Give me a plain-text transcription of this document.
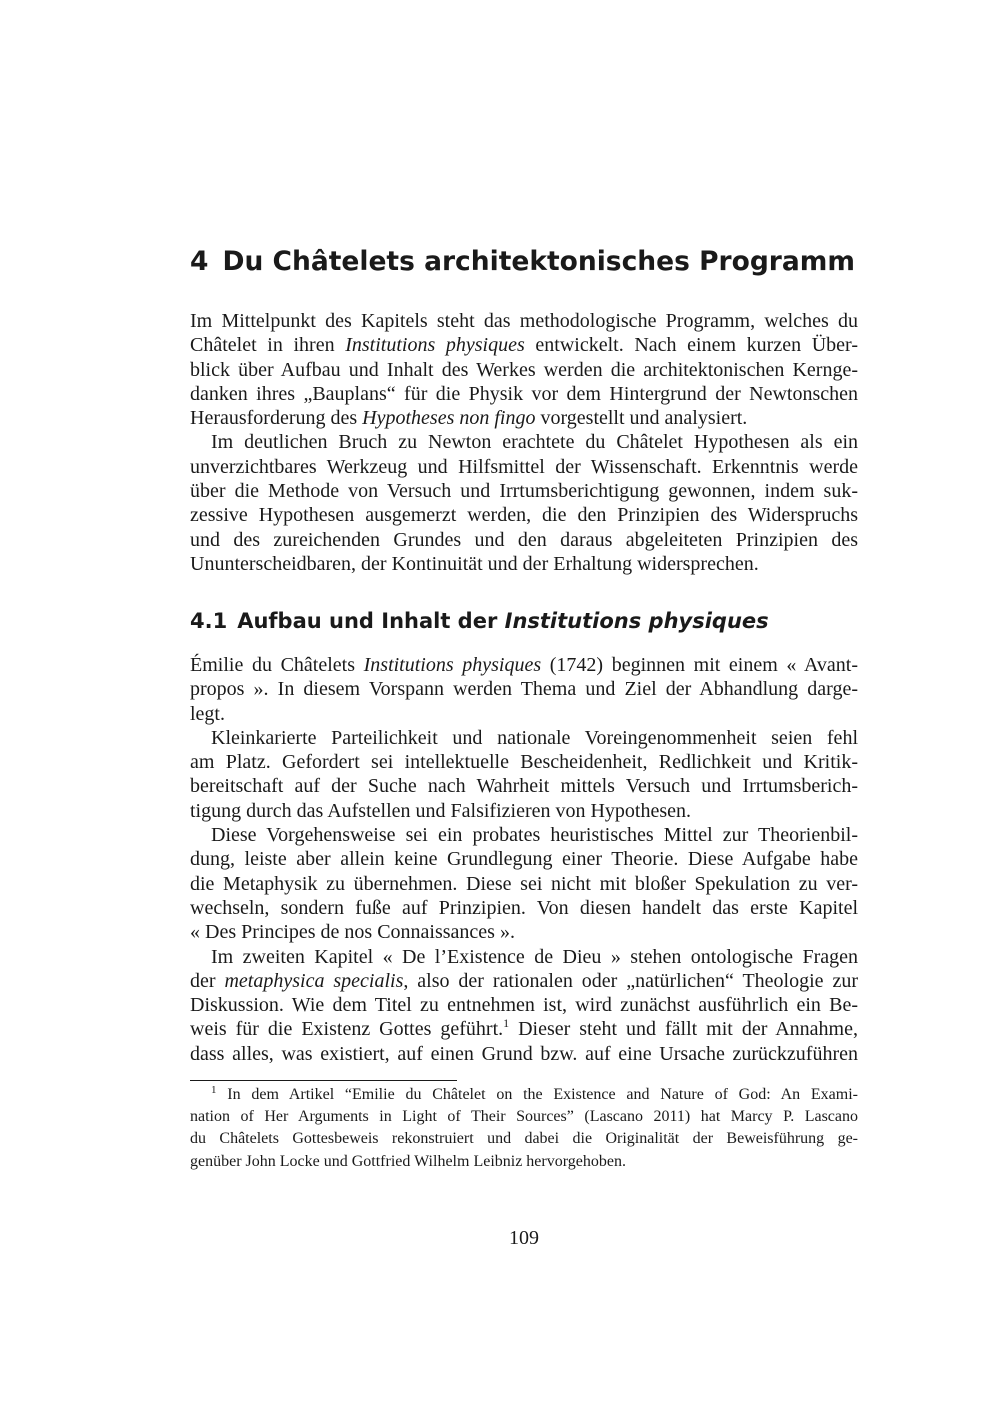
4 Du Châtelets architektonisches Programm
Im Mittelpunkt des Kapitels steht das methodologische Programm, welches du
Châtelet in ihren Institutions physiques entwickelt. Nach einem kurzen Über-
blick über Aufbau und Inhalt des Werkes werden die architektonischen Kernge-
danken ihres „Bauplans“ für die Physik vor dem Hintergrund der Newtonschen
Herausforderung des Hypotheses non fingo vorgestellt und analysiert.
Im deutlichen Bruch zu Newton erachtete du Châtelet Hypothesen als ein
unverzichtbares Werkzeug und Hilfsmittel der Wissenschaft. Erkenntnis werde
über die Methode von Versuch und Irrtumsberichtigung gewonnen, indem suk-
zessive Hypothesen ausgemerzt werden, die den Prinzipien des Widerspruchs
und des zureichenden Grundes und den daraus abgeleiteten Prinzipien des
Ununterscheidbaren, der Kontinuität und der Erhaltung widersprechen.
4.1 Aufbau und Inhalt der Institutions physiques
Émilie du Châtelets Institutions physiques (1742) beginnen mit einem « Avant-
propos ». In diesem Vorspann werden Thema und Ziel der Abhandlung darge-
legt.
Kleinkarierte Parteilichkeit und nationale Voreingenommenheit seien fehl
am Platz. Gefordert sei intellektuelle Bescheidenheit, Redlichkeit und Kritik-
bereitschaft auf der Suche nach Wahrheit mittels Versuch und Irrtumsberich-
tigung durch das Aufstellen und Falsifizieren von Hypothesen.
Diese Vorgehensweise sei ein probates heuristisches Mittel zur Theorienbil-
dung, leiste aber allein keine Grundlegung einer Theorie. Diese Aufgabe habe
die Metaphysik zu übernehmen. Diese sei nicht mit bloßer Spekulation zu ver-
wechseln, sondern fuße auf Prinzipien. Von diesen handelt das erste Kapitel
« Des Principes de nos Connaissances ».
Im zweiten Kapitel « De l’Existence de Dieu » stehen ontologische Fragen
der metaphysica specialis, also der rationalen oder „natürlichen“ Theologie zur
Diskussion. Wie dem Titel zu entnehmen ist, wird zunächst ausführlich ein Be-
weis für die Existenz Gottes geführt.$^1$ Dieser steht und fällt mit der Annahme,
dass alles, was existiert, auf einen Grund bzw. auf eine Ursache zurückzuführen
$^1$ In dem Artikel “Emilie du Châtelet on the Existence and Nature of God: An Exami-
nation of Her Arguments in Light of Their Sources” (Lascano 2011) hat Marcy P. Lascano
du Châtelets Gottesbeweis rekonstruiert und dabei die Originalität der Beweisführung ge-
genüber John Locke und Gottfried Wilhelm Leibniz hervorgehoben.
109
